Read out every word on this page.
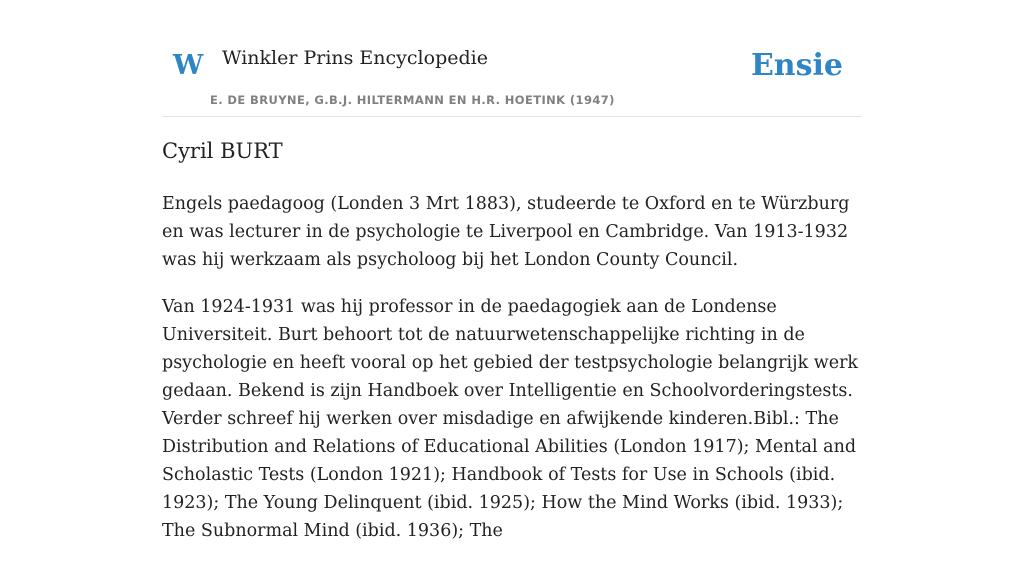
W Winkler Prins Encyclopedie
E. DE BRUYNE, G.B.J. HILTERMANN EN H.R. HOETINK (1947)
Ensie
Cyril BURT

Engels paedagoog (Londen 3 Mrt 1883), studeerde te Oxford en te Würzburg en was lecturer in de psychologie te Liverpool en Cambridge. Van 1913-1932 was hij werkzaam als psycholoog bij het London County Council.

Van 1924-1931 was hij professor in de paedagogiek aan de Londense Universiteit. Burt behoort tot de natuurwetenschappelijke richting in de psychologie en heeft vooral op het gebied der testpsychologie belangrijk werk gedaan. Bekend is zijn Handboek over Intelligentie en Schoolvorderingstests. Verder schreef hij werken over misdadige en afwijkende kinderen.Bibl.: The Distribution and Relations of Educational Abilities (London 1917); Mental and Scholastic Tests (London 1921); Handbook of Tests for Use in Schools (ibid. 1923); The Young Delinquent (ibid. 1925); How the Mind Works (ibid. 1933); The Subnormal Mind (ibid. 1936); The
